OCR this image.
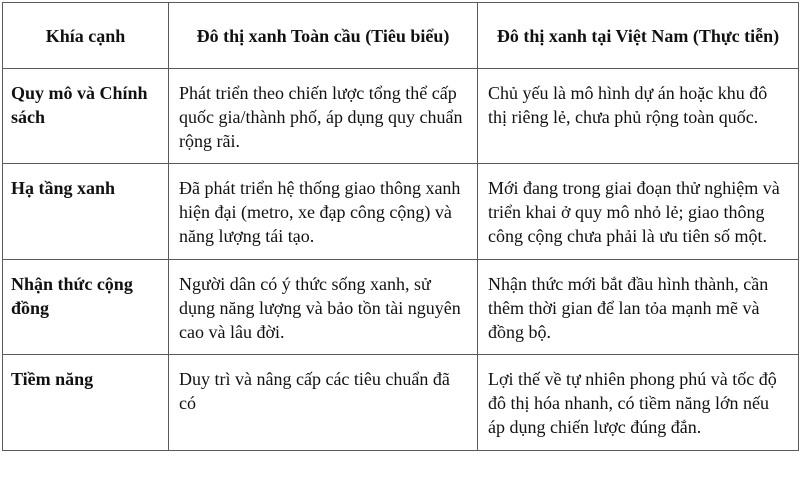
Khía cạnh	Đô thị xanh Toàn cầu (Tiêu biểu)	Đô thị xanh tại Việt Nam (Thực tiễn)
Quy mô và Chính sách	Phát triển theo chiến lược tổng thể cấp quốc gia/thành phố, áp dụng quy chuẩn rộng rãi.	Chủ yếu là mô hình dự án hoặc khu đô thị riêng lẻ, chưa phủ rộng toàn quốc.
Hạ tầng xanh	Đã phát triển hệ thống giao thông xanh hiện đại (metro, xe đạp công cộng) và năng lượng tái tạo.	Mới đang trong giai đoạn thử nghiệm và triển khai ở quy mô nhỏ lẻ; giao thông công cộng chưa phải là ưu tiên số một.
Nhận thức cộng đồng	Người dân có ý thức sống xanh, sử dụng năng lượng và bảo tồn tài nguyên cao và lâu đời.	Nhận thức mới bắt đầu hình thành, cần thêm thời gian để lan tỏa mạnh mẽ và đồng bộ.
Tiềm năng	Duy trì và nâng cấp các tiêu chuẩn đã có	Lợi thế về tự nhiên phong phú và tốc độ đô thị hóa nhanh, có tiềm năng lớn nếu áp dụng chiến lược đúng đắn.
